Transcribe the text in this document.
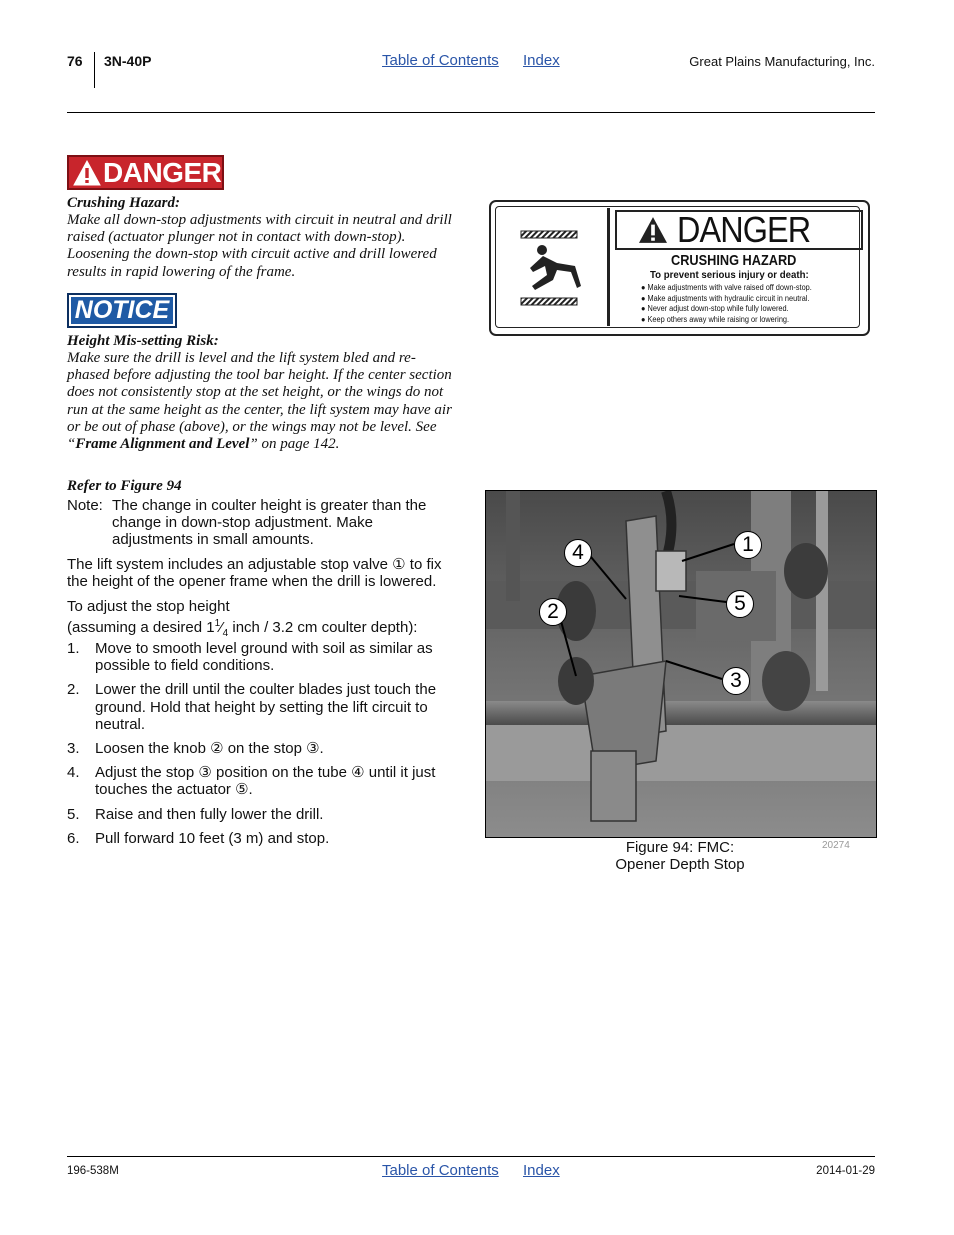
76 3N-40P	Table of Contents Index	Great Plains Manufacturing, Inc.
DANGER
Crushing Hazard:
Make all down-stop adjustments with circuit in neutral and drill raised (actuator plunger not in contact with down-stop). Loosening the down-stop with circuit active and drill lowered results in rapid lowering of the frame.
NOTICE
Height Mis-setting Risk:
Make sure the drill is level and the lift system bled and re-phased before adjusting the tool bar height. If the center section does not consistently stop at the set height, or the wings do not run at the same height as the center, the lift system may have air or be out of phase (above), or the wings may not be level. See “Frame Alignment and Level” on page 142.
Refer to Figure 94
Note: The change in coulter height is greater than the change in down-stop adjustment. Make adjustments in small amounts.
The lift system includes an adjustable stop valve ① to fix the height of the opener frame when the drill is lowered.
To adjust the stop height
(assuming a desired $1^1⁄_4$ inch / 3.2 cm coulter depth):
1. Move to smooth level ground with soil as similar as possible to field conditions.
2. Lower the drill until the coulter blades just touch the ground. Hold that height by setting the lift circuit to neutral.
3. Loosen the knob ② on the stop ③.
4. Adjust the stop ③ position on the tube ④ until it just touches the actuator ⑤.
5. Raise and then fully lower the drill.
6. Pull forward 10 feet (3 m) and stop.
DANGER
CRUSHING HAZARD
To prevent serious injury or death:
● Make adjustments with valve raised off down-stop.
● Make adjustments with hydraulic circuit in neutral.
● Never adjust down-stop while fully lowered.
● Keep others away while raising or lowering.
1
2
3
4
5
20274
Figure 94: FMC:
Opener Depth Stop
196-538M	Table of Contents Index	2014-01-29
